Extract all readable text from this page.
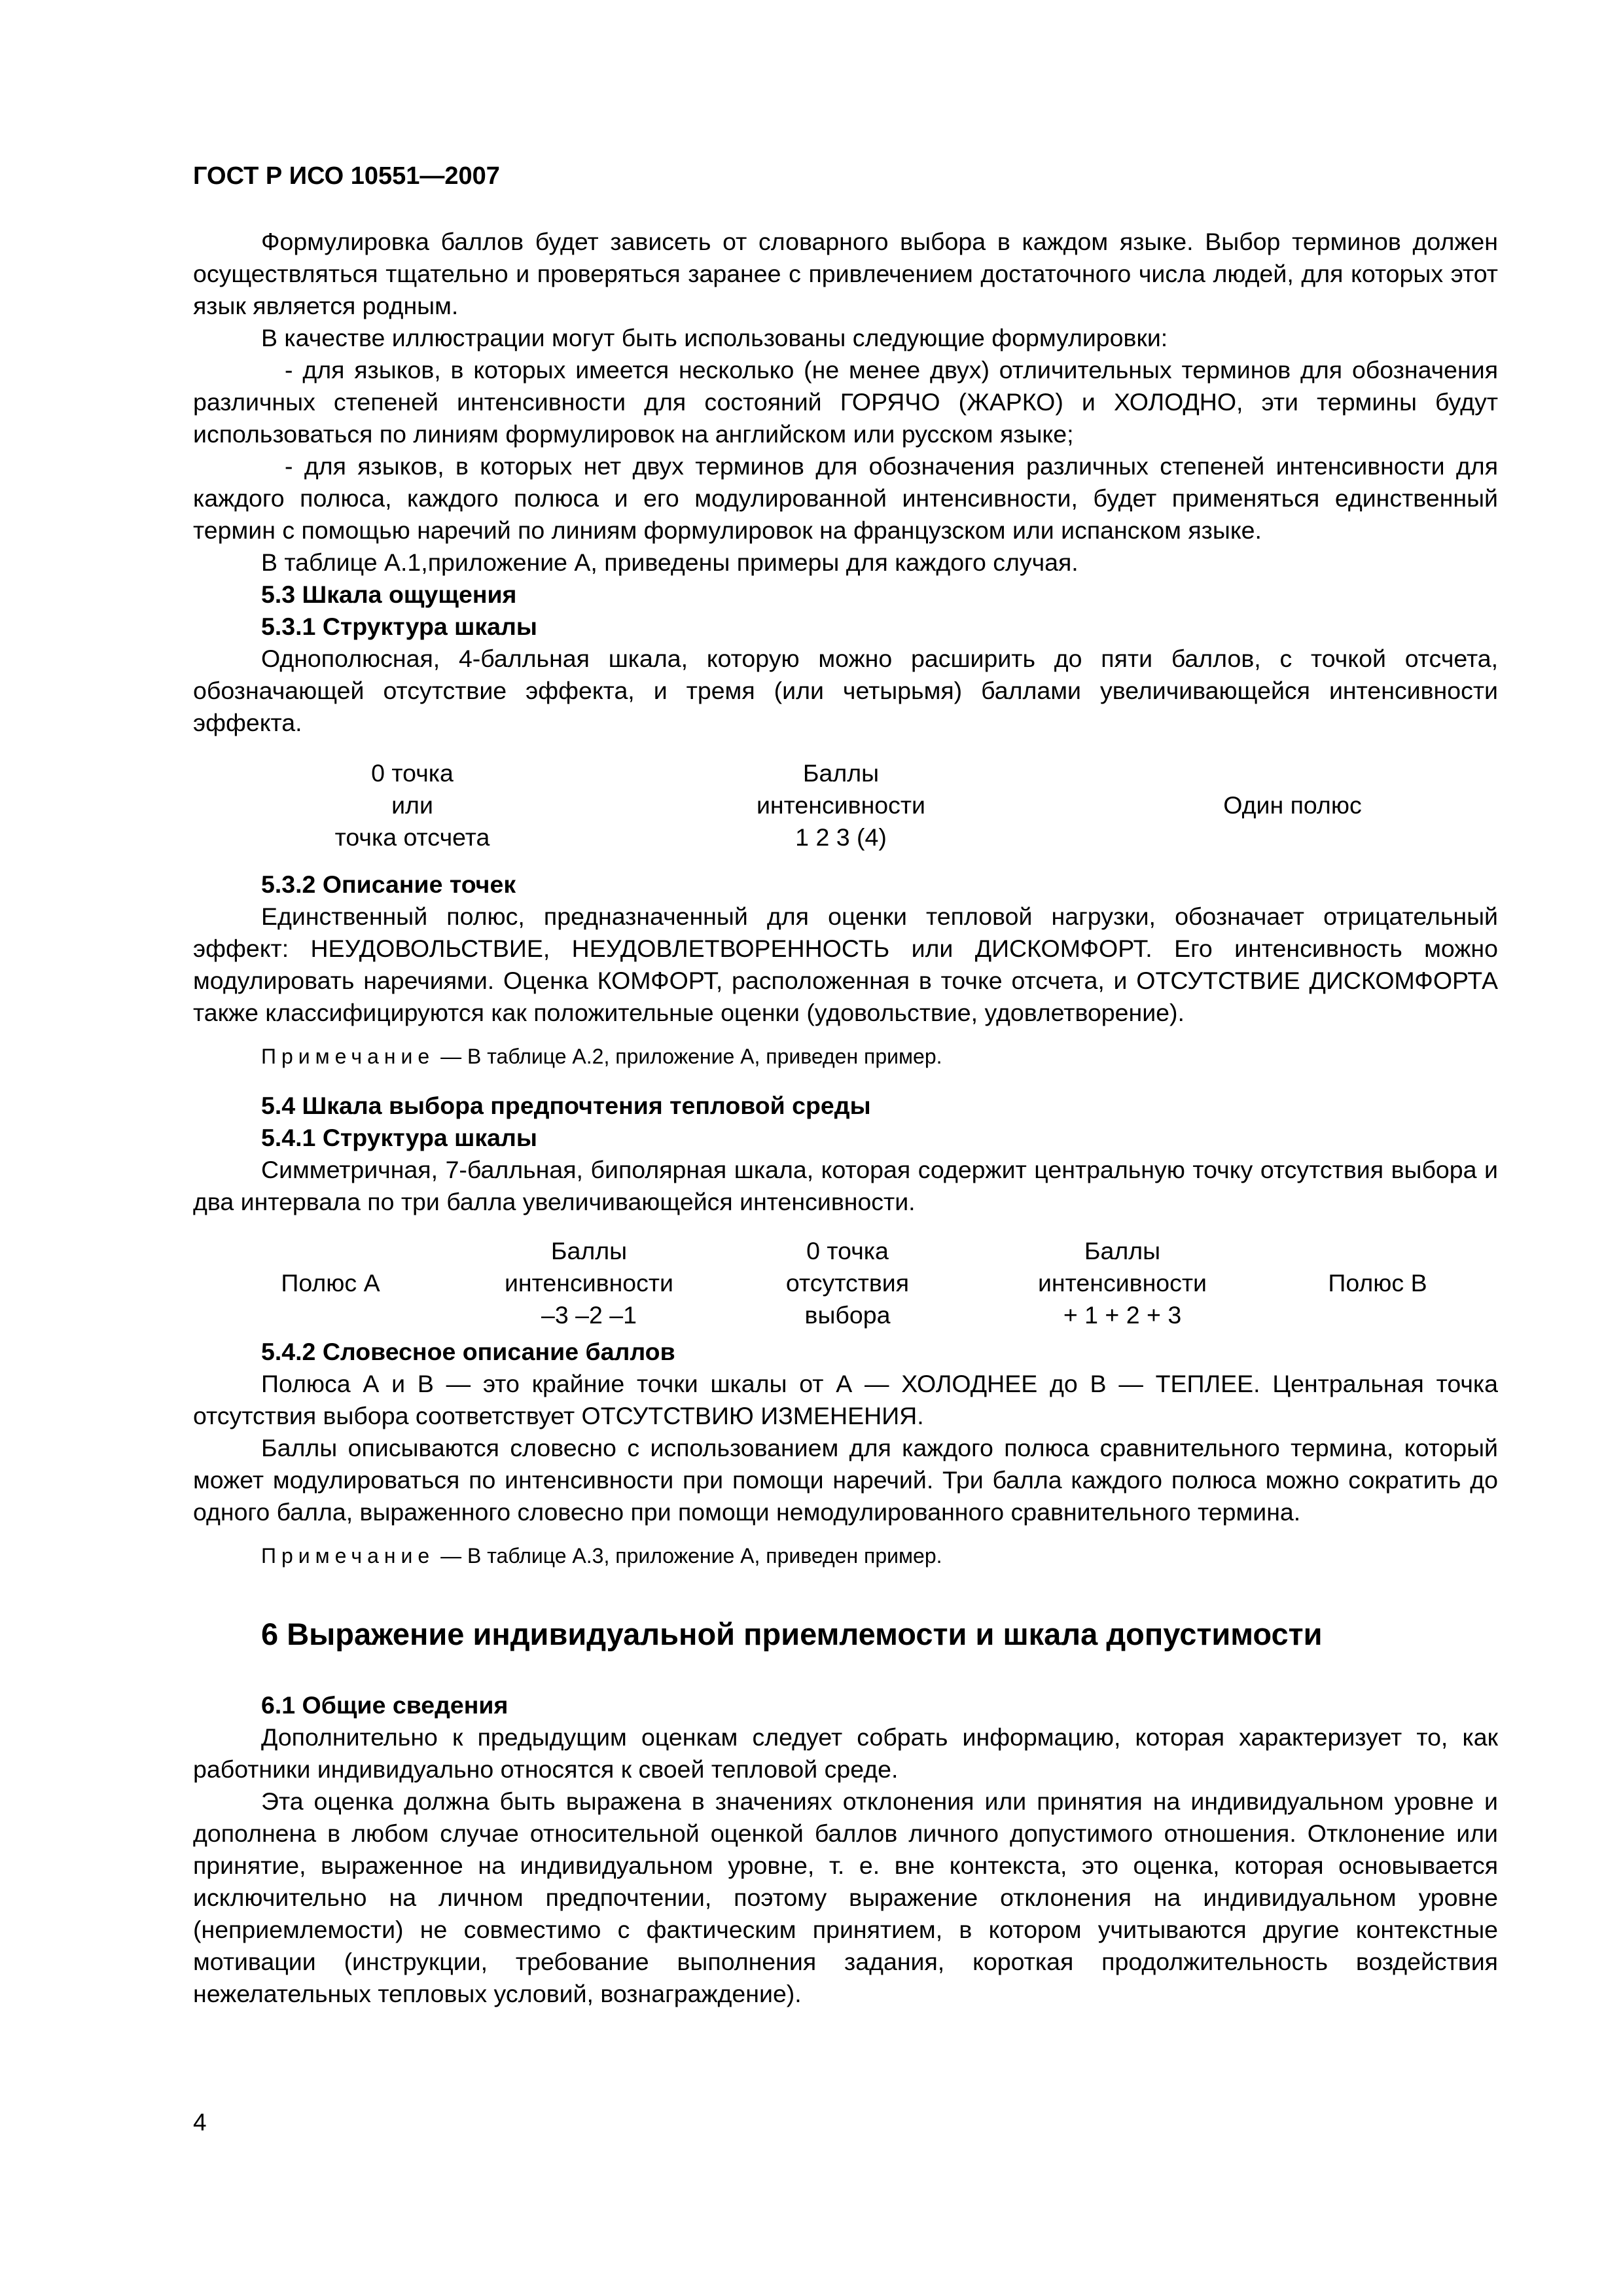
ГОСТ Р ИСО 10551—2007

Формулировка баллов будет зависеть от словарного выбора в каждом языке. Выбор терминов должен осуществляться тщательно и проверяться заранее с привлечением достаточного числа людей, для которых этот язык является родным.

В качестве иллюстрации могут быть использованы следующие формулировки:

- для языков, в которых имеется несколько (не менее двух) отличительных терминов для обозначения различных степеней интенсивности для состояний ГОРЯЧО (ЖАРКО) и ХОЛОДНО, эти термины будут использоваться по линиям формулировок на английском или русском языке;

- для языков, в которых нет двух терминов для обозначения различных степеней интенсивности для каждого полюса, каждого полюса и его модулированной интенсивности, будет применяться единственный термин с помощью наречий по линиям формулировок на французском или испанском языке.

В таблице А.1,приложение А, приведены примеры для каждого случая.

5.3 Шкала ощущения
5.3.1 Структура шкалы

Однополюсная, 4-балльная шкала, которую можно расширить до пяти баллов, с точкой отсчета, обозначающей отсутствие эффекта, и тремя (или четырьмя) баллами увеличивающейся интенсивности эффекта.

0 точка
или
точка отсчета
Баллы
интенсивности
1 2 3 (4)
Один полюс
5.3.2 Описание точек

Единственный полюс, предназначенный для оценки тепловой нагрузки, обозначает отрицательный эффект: НЕУДОВОЛЬСТВИЕ, НЕУДОВЛЕТВОРЕННОСТЬ или ДИСКОМФОРТ. Его интенсивность можно модулировать наречиями. Оценка КОМФОРТ, расположенная в точке отсчета, и ОТСУТСТВИЕ ДИСКОМФОРТА также классифицируются как положительные оценки (удовольствие, удовлетворение).

Примечание — В таблице А.2, приложение А, приведен пример.
5.4 Шкала выбора предпочтения тепловой среды
5.4.1 Структура шкалы

Симметричная, 7-балльная, биполярная шкала, которая содержит центральную точку отсутствия выбора и два интервала по три балла увеличивающейся интенсивности.

Полюс А
Баллы
интенсивности
–3 –2 –1
0 точка
отсутствия
выбора
Баллы
интенсивности
+ 1 + 2 + 3
Полюс В
5.4.2 Словесное описание баллов

Полюса А и В — это крайние точки шкалы от А — ХОЛОДНЕЕ до В — ТЕПЛЕЕ. Центральная точка отсутствия выбора соответствует ОТСУТСТВИЮ ИЗМЕНЕНИЯ.

Баллы описываются словесно с использованием для каждого полюса сравнительного термина, который может модулироваться по интенсивности при помощи наречий. Три балла каждого полюса можно сократить до одного балла, выраженного словесно при помощи немодулированного сравнительного термина.

Примечание — В таблице А.3, приложение А, приведен пример.
6 Выражение индивидуальной приемлемости и шкала допустимости
6.1 Общие сведения

Дополнительно к предыдущим оценкам следует собрать информацию, которая характеризует то, как работники индивидуально относятся к своей тепловой среде.

Эта оценка должна быть выражена в значениях отклонения или принятия на индивидуальном уровне и дополнена в любом случае относительной оценкой баллов личного допустимого отношения. Отклонение или принятие, выраженное на индивидуальном уровне, т. е. вне контекста, это оценка, которая основывается исключительно на личном предпочтении, поэтому выражение отклонения на индивидуальном уровне (неприемлемости) не совместимо с фактическим принятием, в котором учитываются другие контекстные мотивации (инструкции, требование выполнения задания, короткая продолжительность воздействия нежелательных тепловых условий, вознаграждение).

4
